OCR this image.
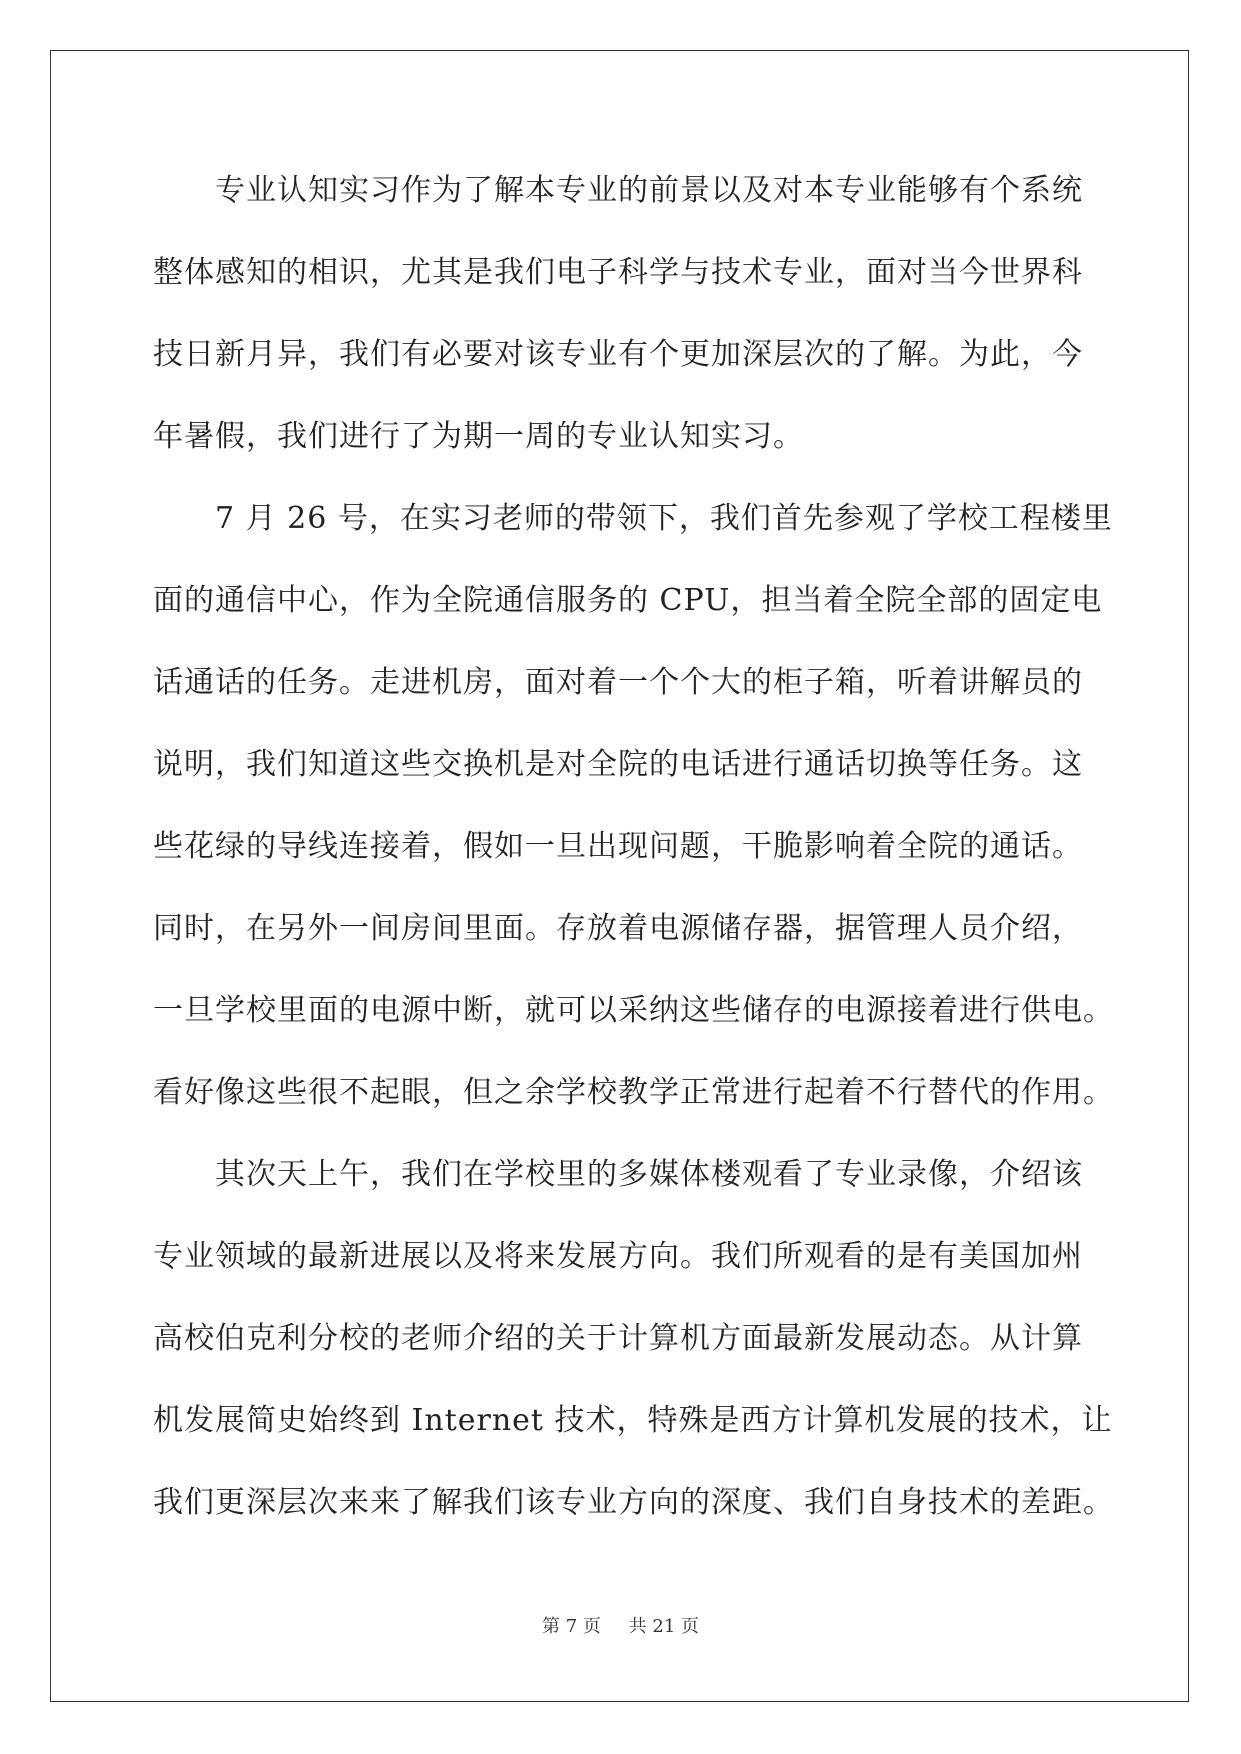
专业认知实习作为了解本专业的前景以及对本专业能够有个系统
整体感知的相识，尤其是我们电子科学与技术专业，面对当今世界科
技日新月异，我们有必要对该专业有个更加深层次的了解。为此，今
年暑假，我们进行了为期一周的专业认知实习。

7 月 26 号，在实习老师的带领下，我们首先参观了学校工程楼里
面的通信中心，作为全院通信服务的 CPU，担当着全院全部的固定电
话通话的任务。走进机房，面对着一个个大的柜子箱，听着讲解员的
说明，我们知道这些交换机是对全院的电话进行通话切换等任务。这
些花绿的导线连接着，假如一旦出现问题，干脆影响着全院的通话。
同时，在另外一间房间里面。存放着电源储存器，据管理人员介绍，
一旦学校里面的电源中断，就可以采纳这些储存的电源接着进行供电。
看好像这些很不起眼，但之余学校教学正常进行起着不行替代的作用。

其次天上午，我们在学校里的多媒体楼观看了专业录像，介绍该
专业领域的最新进展以及将来发展方向。我们所观看的是有美国加州
高校伯克利分校的老师介绍的关于计算机方面最新发展动态。从计算
机发展简史始终到 Internet 技术，特殊是西方计算机发展的技术，让
我们更深层次来来了解我们该专业方向的深度、我们自身技术的差距。

第 7 页 共 21 页
